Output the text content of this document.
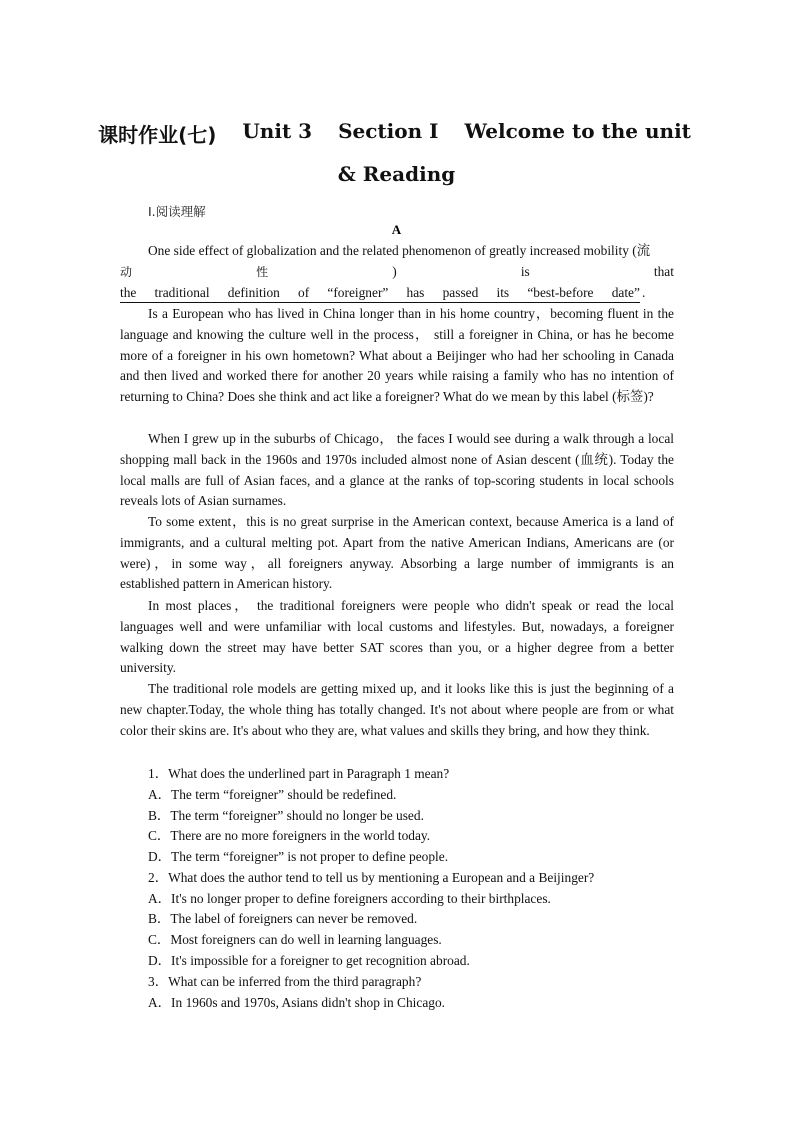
课时作业(七) Unit 3 Section Ⅰ Welcome to the unit
& Reading
Ⅰ.阅读理解
A
One side effect of globalization and the related phenomenon of greatly increased mobility (流
动	性	)	is	that
the traditional definition of “foreigner” has passed its “best-before date” .

Is a European who has lived in China longer than in his home country，becoming fluent in the language and knowing the culture well in the process， still a foreigner in China, or has he become more of a foreigner in his own hometown? What about a Beijinger who had her schooling in Canada and then lived and worked there for another 20 years while raising a family who has no intention of returning to China? Does she think and act like a foreigner? What do we mean by this label (标签)?

When I grew up in the suburbs of Chicago， the faces I would see during a walk through a local shopping mall back in the 1960s and 1970s included almost none of Asian descent (血统). Today the local malls are full of Asian faces, and a glance at the ranks of top-scoring students in local schools reveals lots of Asian surnames.

To some extent，this is no great surprise in the American context, because America is a land of immigrants, and a cultural melting pot. Apart from the native American Indians, Americans are (or were)，in some way，all foreigners anyway. Absorbing a large number of immigrants is an established pattern in American history.

In most places， the traditional foreigners were people who didn't speak or read the local languages well and were unfamiliar with local customs and lifestyles. But, nowadays, a foreigner walking down the street may have better SAT scores than you, or a higher degree from a better university.

The traditional role models are getting mixed up, and it looks like this is just the beginning of a new chapter.Today, the whole thing has totally changed. It's not about where people are from or what color their skins are. It's about who they are, what values and skills they bring, and how they think.

1．What does the underlined part in Paragraph 1 mean?
A．The term “foreigner” should be redefined.
B．The term “foreigner” should no longer be used.
C．There are no more foreigners in the world today.
D．The term “foreigner” is not proper to define people.
2．What does the author tend to tell us by mentioning a European and a Beijinger?
A．It's no longer proper to define foreigners according to their birthplaces.
B．The label of foreigners can never be removed.
C．Most foreigners can do well in learning languages.
D．It's impossible for a foreigner to get recognition abroad.
3．What can be inferred from the third paragraph?
A．In 1960s and 1970s, Asians didn't shop in Chicago.
